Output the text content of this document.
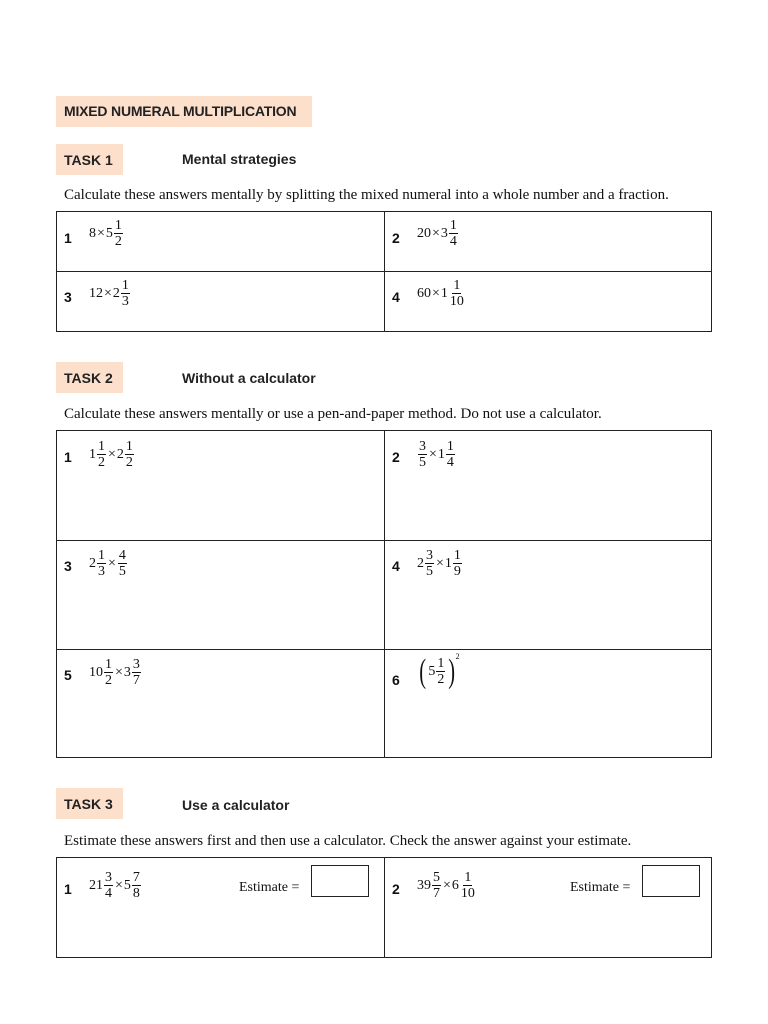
MIXED NUMERAL MULTIPLICATION
TASK 1	Mental strategies
Calculate these answers mentally by splitting the mixed numeral into a whole number and a fraction.
1 $8 \times 5 \frac{1}{2}$	2 $20 \times 3 \frac{1}{4}$
3 $12 \times 2 \frac{1}{3}$	4 $60 \times 1 \frac{1}{10}$
TASK 2	Without a calculator
Calculate these answers mentally or use a pen-and-paper method. Do not use a calculator.
1 $1 \frac{1}{2} \times 2 \frac{1}{2}$	$2 \frac{3}{5} \times 1 \frac{1}{4}$
3 $2 \frac{1}{3} \times \frac{4}{5}$	4 $2 \frac{3}{5} \times 1 \frac{1}{9}$
5 $10 \frac{1}{2} \times 3 \frac{3}{7}$	6 ( $5 \frac{1}{2}$ ) 2
TASK 3	Use a calculator
Estimate these answers first and then use a calculator. Check the answer against your estimate.
1 $21 \frac{3}{4} \times 5 \frac{7}{8}$	Estimate =	2 $39 \frac{5}{7} \times 6 \frac{1}{10}$	Estimate =
